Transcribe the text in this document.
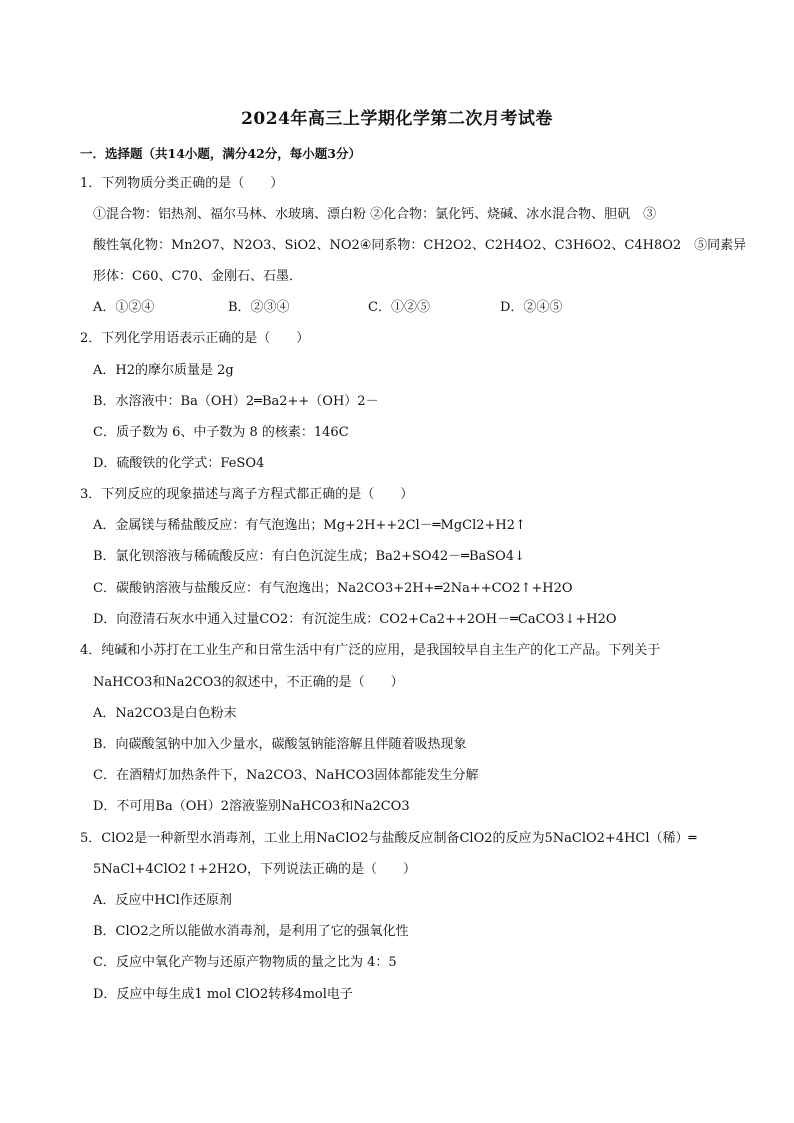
2024年高三上学期化学第二次月考试卷
一．选择题（共14小题，满分42分，每小题3分）
1．下列物质分类正确的是（　　）
①混合物：铝热剂、福尔马林、水玻璃、漂白粉 ②化合物：氯化钙、烧碱、冰水混合物、胆矾　③
酸性氧化物：Mn2O7、N2O3、SiO2、NO2④同系物：CH2O2、C2H4O2、C3H6O2、C4H8O2　⑤同素异
形体：C60、C70、金刚石、石墨．
A．①②④	B．②③④	C．①②⑤	D．②④⑤
2．下列化学用语表示正确的是（　　）
A．H2的摩尔质量是 2g
B．水溶液中：Ba（OH）2═Ba2++（OH）2－
C．质子数为 6、中子数为 8 的核素：146C
D．硫酸铁的化学式：FeSO4
3．下列反应的现象描述与离子方程式都正确的是（　　）
A．金属镁与稀盐酸反应：有气泡逸出；Mg+2H++2Cl－═MgCl2+H2↑
B．氯化钡溶液与稀硫酸反应：有白色沉淀生成；Ba2+SO42－═BaSO4↓
C．碳酸钠溶液与盐酸反应：有气泡逸出；Na2CO3+2H+═2Na++CO2↑+H2O
D．向澄清石灰水中通入过量CO2：有沉淀生成：CO2+Ca2++2OH－═CaCO3↓+H2O
4．纯碱和小苏打在工业生产和日常生活中有广泛的应用，是我国较早自主生产的化工产品。下列关于
NaHCO3和Na2CO3的叙述中，不正确的是（　　）
A．Na2CO3是白色粉末
B．向碳酸氢钠中加入少量水，碳酸氢钠能溶解且伴随着吸热现象
C．在酒精灯加热条件下，Na2CO3、NaHCO3固体都能发生分解
D．不可用Ba（OH）2溶液鉴别NaHCO3和Na2CO3
5．ClO2是一种新型水消毒剂，工业上用NaClO2与盐酸反应制备ClO2的反应为5NaClO2+4HCl（稀）═
5NaCl+4ClO2↑+2H2O，下列说法正确的是（　　）
A．反应中HCl作还原剂
B．ClO2之所以能做水消毒剂，是利用了它的强氧化性
C．反应中氧化产物与还原产物物质的量之比为 4：5
D．反应中每生成1 mol ClO2转移4mol电子
